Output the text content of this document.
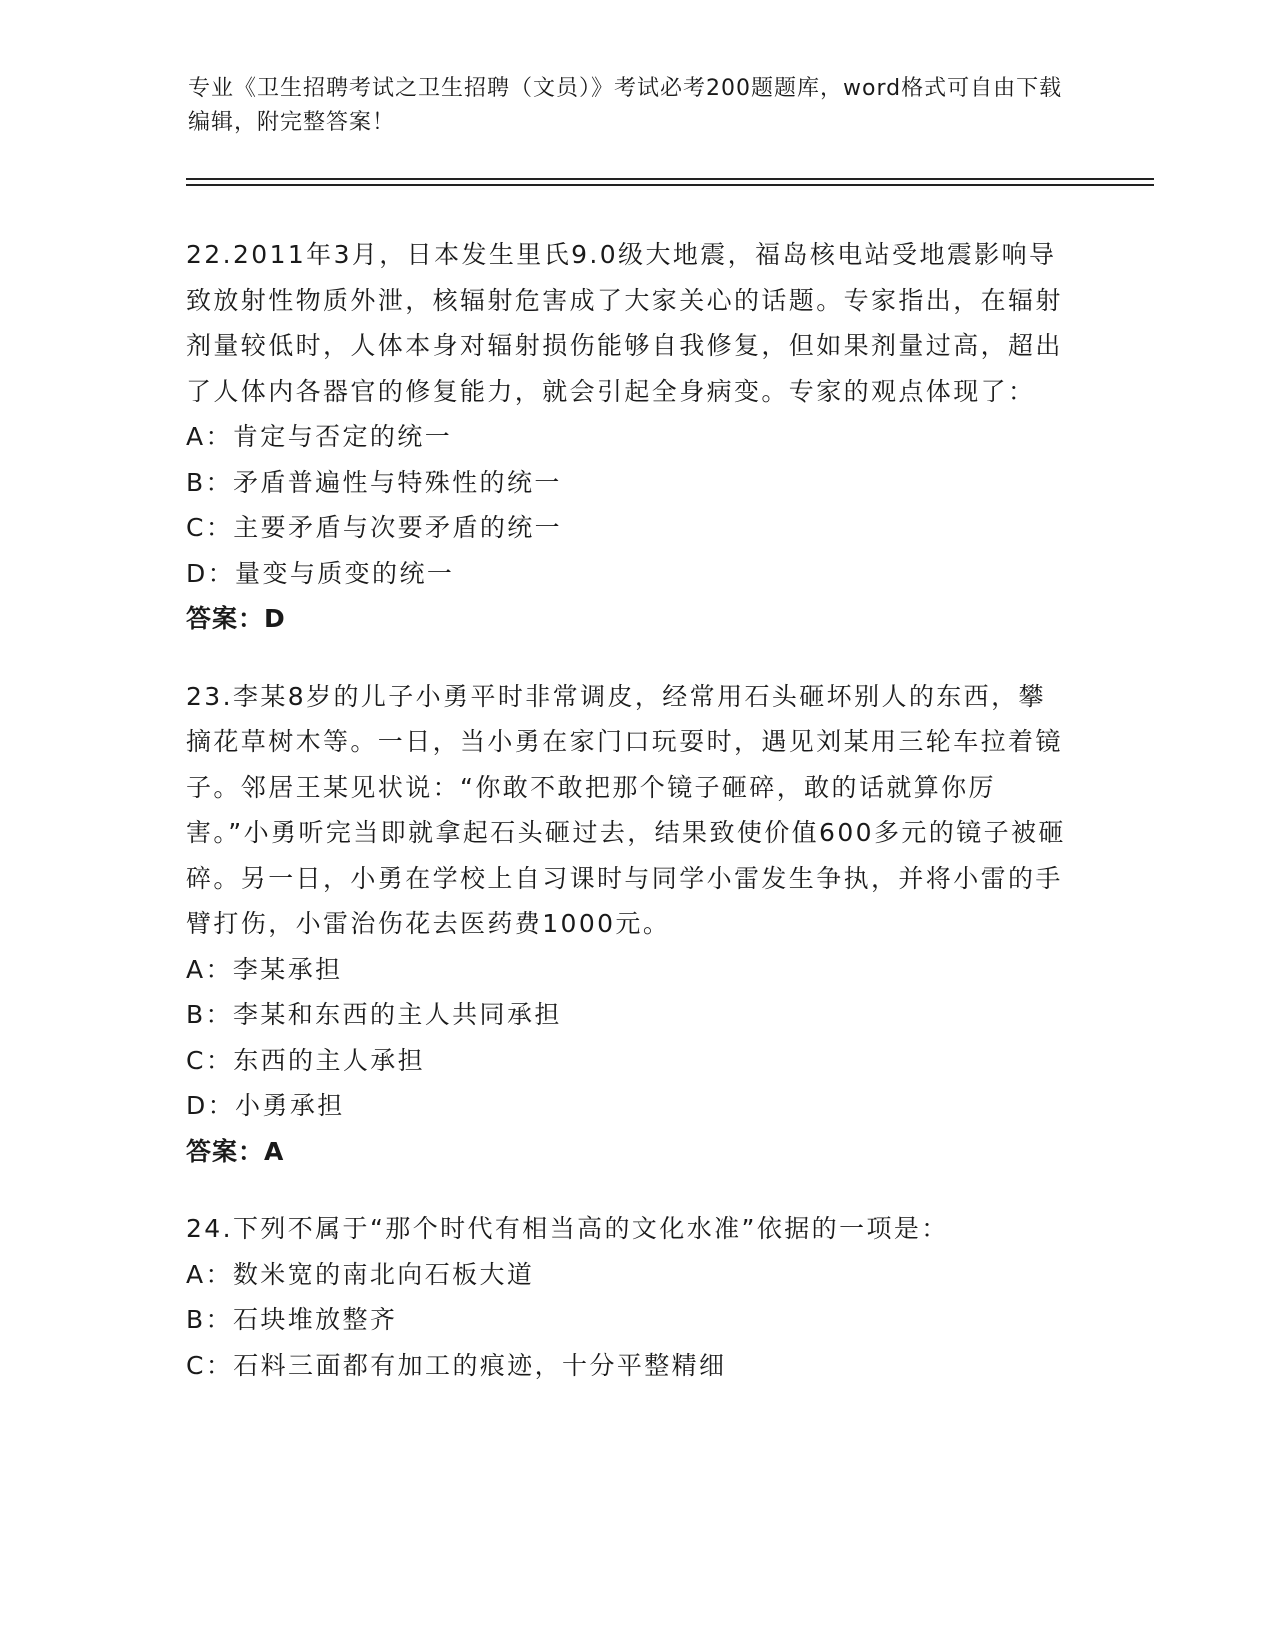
专业《卫生招聘考试之卫生招聘（文员）》考试必考200题题库，word格式可自由下载编辑，附完整答案！

22.2011年3月，日本发生里氏9.0级大地震，福岛核电站受地震影响导致放射性物质外泄，核辐射危害成了大家关心的话题。专家指出，在辐射剂量较低时，人体本身对辐射损伤能够自我修复，但如果剂量过高，超出了人体内各器官的修复能力，就会引起全身病变。专家的观点体现了：

A：肯定与否定的统一

B：矛盾普遍性与特殊性的统一

C：主要矛盾与次要矛盾的统一

D：量变与质变的统一

答案：D

23.李某8岁的儿子小勇平时非常调皮，经常用石头砸坏别人的东西，攀摘花草树木等。一日，当小勇在家门口玩耍时，遇见刘某用三轮车拉着镜子。邻居王某见状说：“你敢不敢把那个镜子砸碎，敢的话就算你厉害。”小勇听完当即就拿起石头砸过去，结果致使价值600多元的镜子被砸碎。另一日，小勇在学校上自习课时与同学小雷发生争执，并将小雷的手臂打伤，小雷治伤花去医药费1000元。

A：李某承担

B：李某和东西的主人共同承担

C：东西的主人承担

D：小勇承担

答案：A

24.下列不属于“那个时代有相当高的文化水准”依据的一项是：

A：数米宽的南北向石板大道

B：石块堆放整齐

C：石料三面都有加工的痕迹，十分平整精细
